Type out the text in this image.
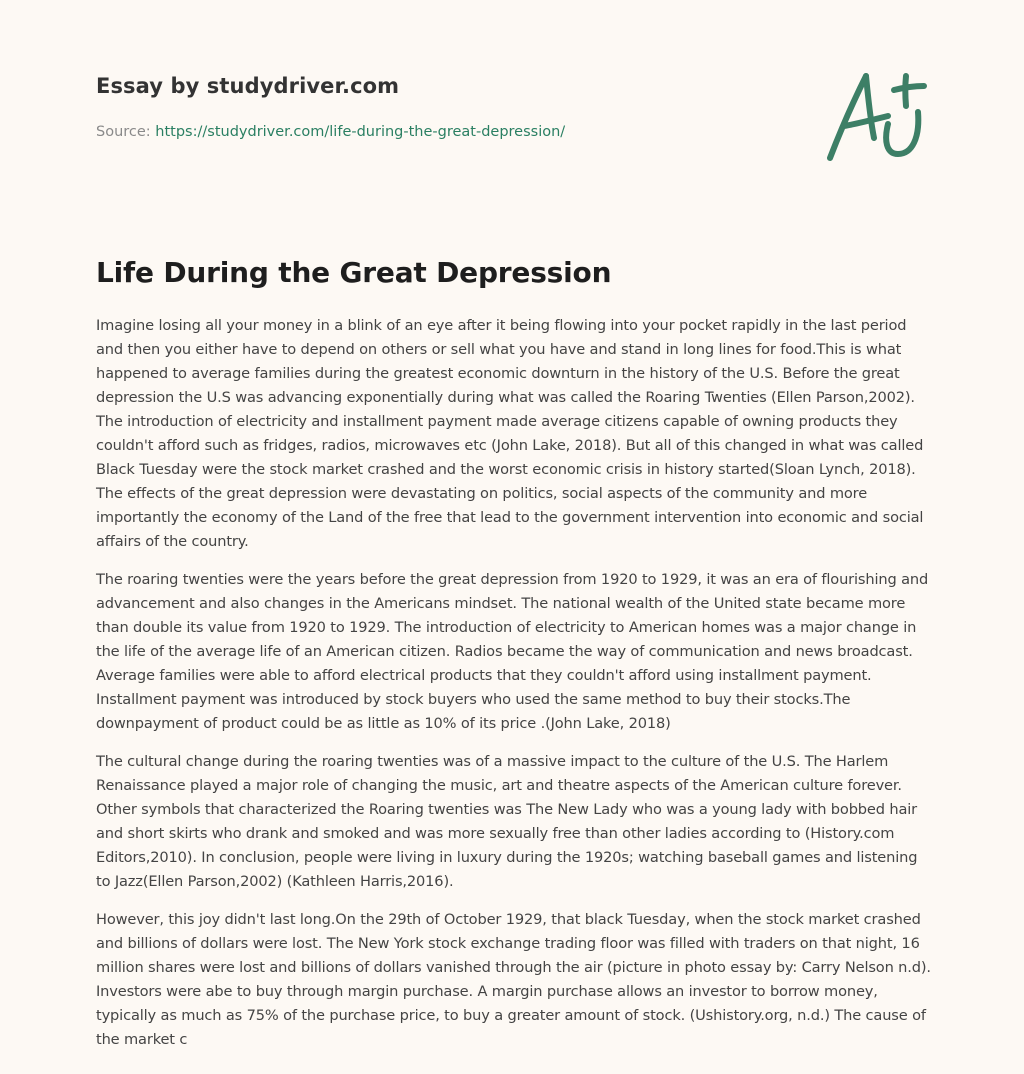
Essay by studydriver.com
Source: https://studydriver.com/life-during-the-great-depression/
Life During the Great Depression

Imagine losing all your money in a blink of an eye after it being flowing into your pocket rapidly in the last period and then you either have to depend on others or sell what you have and stand in long lines for food.This is what happened to average families during the greatest economic downturn in the history of the U.S. Before the great depression the U.S was advancing exponentially during what was called the Roaring Twenties (Ellen Parson,2002). The introduction of electricity and installment payment made average citizens capable of owning products they couldn't afford such as fridges, radios, microwaves etc (John Lake, 2018). But all of this changed in what was called Black Tuesday were the stock market crashed and the worst economic crisis in history started(Sloan Lynch, 2018). The effects of the great depression were devastating on politics, social aspects of the community and more importantly the economy of the Land of the free that lead to the government intervention into economic and social affairs of the country.

The roaring twenties were the years before the great depression from 1920 to 1929, it was an era of flourishing and advancement and also changes in the Americans mindset. The national wealth of the United state became more than double its value from 1920 to 1929. The introduction of electricity to American homes was a major change in the life of the average life of an American citizen. Radios became the way of communication and news broadcast. Average families were able to afford electrical products that they couldn't afford using installment payment. Installment payment was introduced by stock buyers who used the same method to buy their stocks.The downpayment of product could be as little as 10% of its price .(John Lake, 2018)

The cultural change during the roaring twenties was of a massive impact to the culture of the U.S. The Harlem Renaissance played a major role of changing the music, art and theatre aspects of the American culture forever. Other symbols that characterized the Roaring twenties was The New Lady who was a young lady with bobbed hair and short skirts who drank and smoked and was more sexually free than other ladies according to (History.com Editors,2010). In conclusion, people were living in luxury during the 1920s; watching baseball games and listening to Jazz(Ellen Parson,2002) (Kathleen Harris,2016).

However, this joy didn't last long.On the 29th of October 1929, that black Tuesday, when the stock market crashed and billions of dollars were lost. The New York stock exchange trading floor was filled with traders on that night, 16 million shares were lost and billions of dollars vanished through the air (picture in photo essay by: Carry Nelson n.d). Investors were abe to buy through margin purchase. A margin purchase allows an investor to borrow money, typically as much as 75% of the purchase price, to buy a greater amount of stock. (Ushistory.org, n.d.) The cause of the market c
